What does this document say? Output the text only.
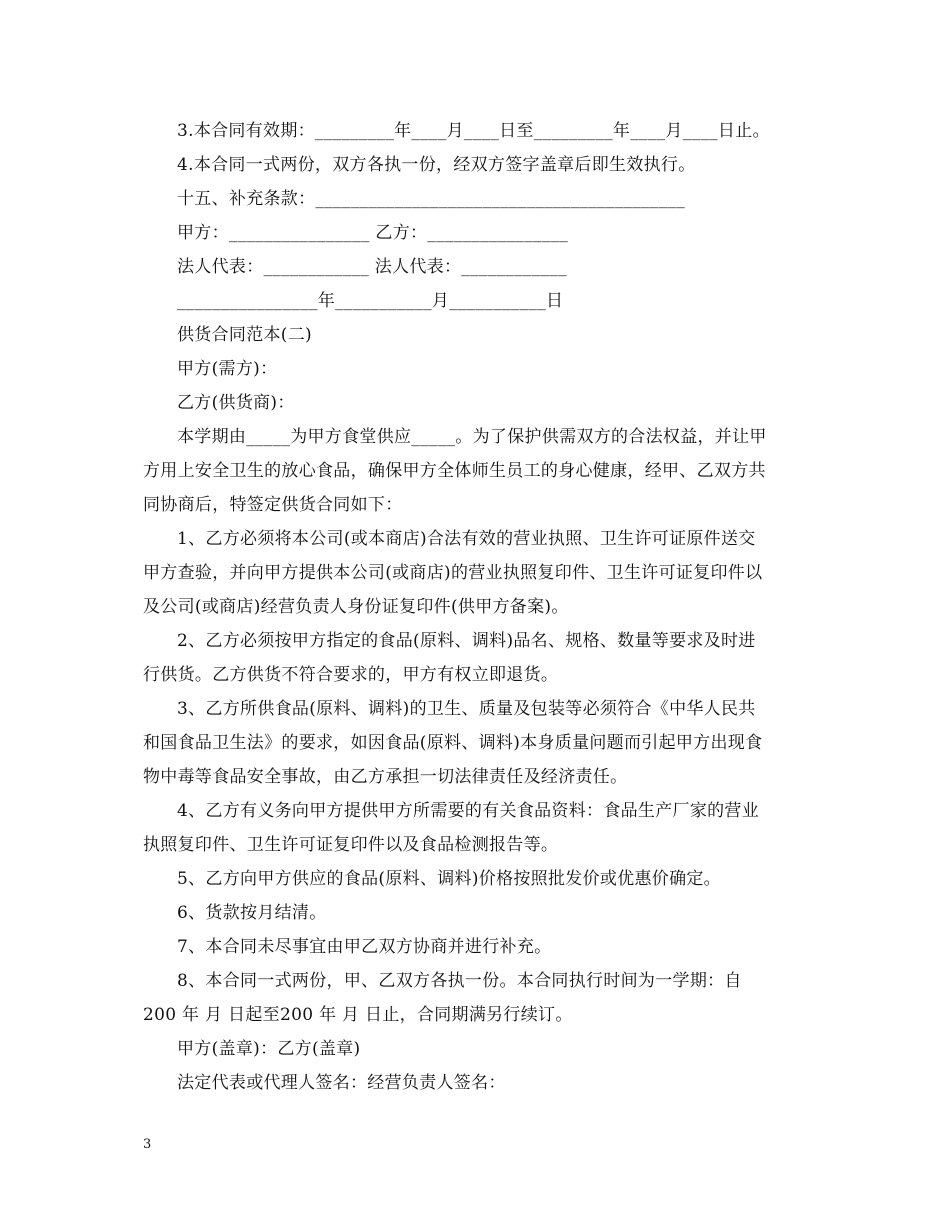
3.本合同有效期：_________年____月____日至_________年____月____日止。
4.本合同一式两份，双方各执一份，经双方签字盖章后即生效执行。
十五、补充条款：__________________________________________
甲方：________________ 乙方：________________
法人代表：____________ 法人代表：____________
________________年___________月___________日
供货合同范本(二)
甲方(需方)：
乙方(供货商)：
本学期由_____为甲方食堂供应_____。为了保护供需双方的合法权益，并让甲
方用上安全卫生的放心食品，确保甲方全体师生员工的身心健康，经甲、乙双方共
同协商后，特签定供货合同如下：
1、乙方必须将本公司(或本商店)合法有效的营业执照、卫生许可证原件送交
甲方查验，并向甲方提供本公司(或商店)的营业执照复印件、卫生许可证复印件以
及公司(或商店)经营负责人身份证复印件(供甲方备案)。
2、乙方必须按甲方指定的食品(原料、调料)品名、规格、数量等要求及时进
行供货。乙方供货不符合要求的，甲方有权立即退货。
3、乙方所供食品(原料、调料)的卫生、质量及包装等必须符合《中华人民共
和国食品卫生法》的要求，如因食品(原料、调料)本身质量问题而引起甲方出现食
物中毒等食品安全事故，由乙方承担一切法律责任及经济责任。
4、乙方有义务向甲方提供甲方所需要的有关食品资料：食品生产厂家的营业
执照复印件、卫生许可证复印件以及食品检测报告等。
5、乙方向甲方供应的食品(原料、调料)价格按照批发价或优惠价确定。
6、货款按月结清。
7、本合同未尽事宜由甲乙双方协商并进行补充。
8、本合同一式两份，甲、乙双方各执一份。本合同执行时间为一学期：自
200 年 月 日起至200 年 月 日止，合同期满另行续订。
甲方(盖章)：乙方(盖章)
法定代表或代理人签名：经营负责人签名：
3
